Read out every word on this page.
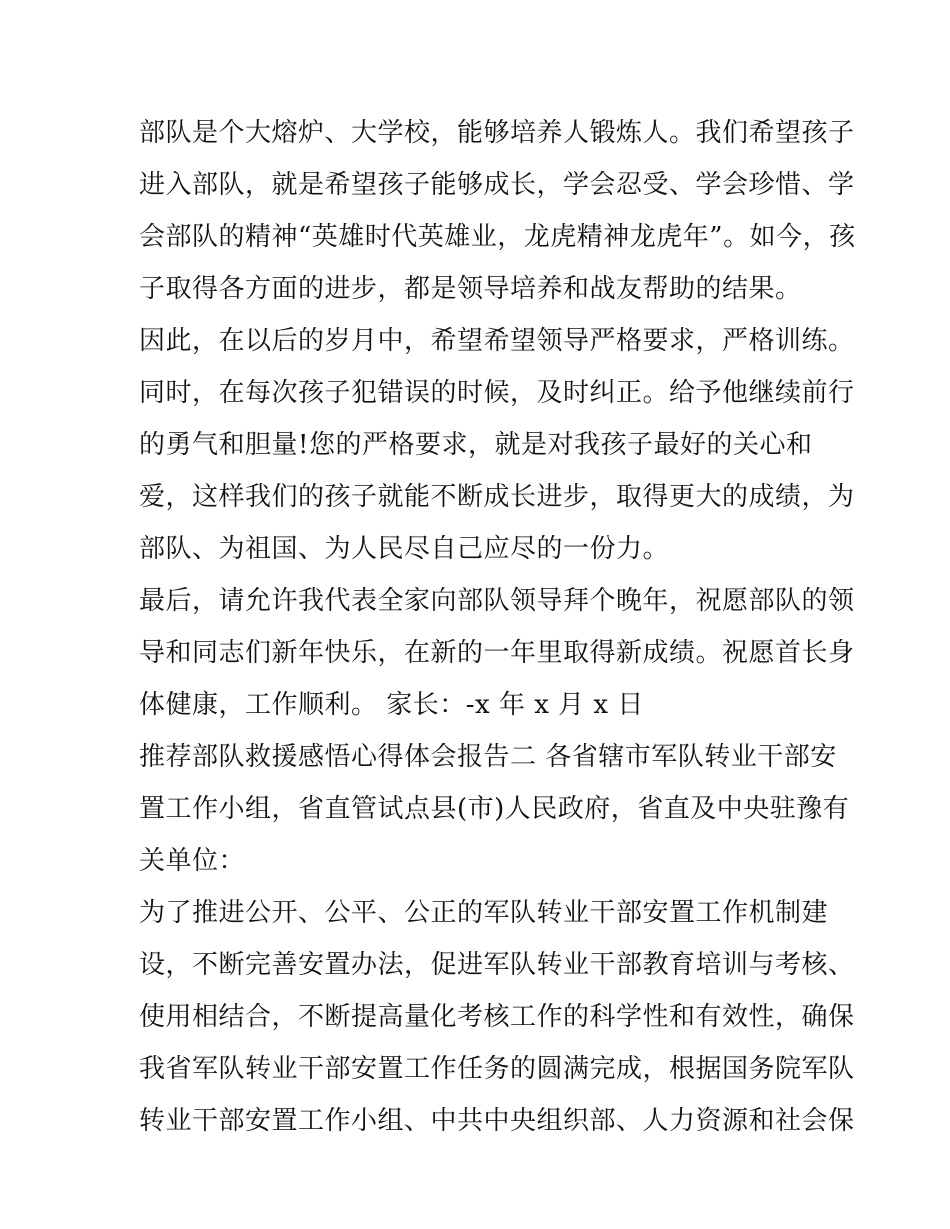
部队是个大熔炉、大学校，能够培养人锻炼人。我们希望孩子
进入部队，就是希望孩子能够成长，学会忍受、学会珍惜、学
会部队的精神“英雄时代英雄业，龙虎精神龙虎年”。如今，孩
子取得各方面的进步，都是领导培养和战友帮助的结果。
因此，在以后的岁月中，希望希望领导严格要求，严格训练。
同时，在每次孩子犯错误的时候，及时纠正。给予他继续前行
的勇气和胆量!您的严格要求，就是对我孩子最好的关心和
爱，这样我们的孩子就能不断成长进步，取得更大的成绩，为
部队、为祖国、为人民尽自己应尽的一份力。
最后，请允许我代表全家向部队领导拜个晚年，祝愿部队的领
导和同志们新年快乐，在新的一年里取得新成绩。祝愿首长身
体健康，工作顺利。 家长：-x 年 x 月 x 日
推荐部队救援感悟心得体会报告二 各省辖市军队转业干部安
置工作小组，省直管试点县(市)人民政府，省直及中央驻豫有
关单位：
为了推进公开、公平、公正的军队转业干部安置工作机制建
设，不断完善安置办法，促进军队转业干部教育培训与考核、
使用相结合，不断提高量化考核工作的科学性和有效性，确保
我省军队转业干部安置工作任务的圆满完成，根据国务院军队
转业干部安置工作小组、中共中央组织部、人力资源和社会保
